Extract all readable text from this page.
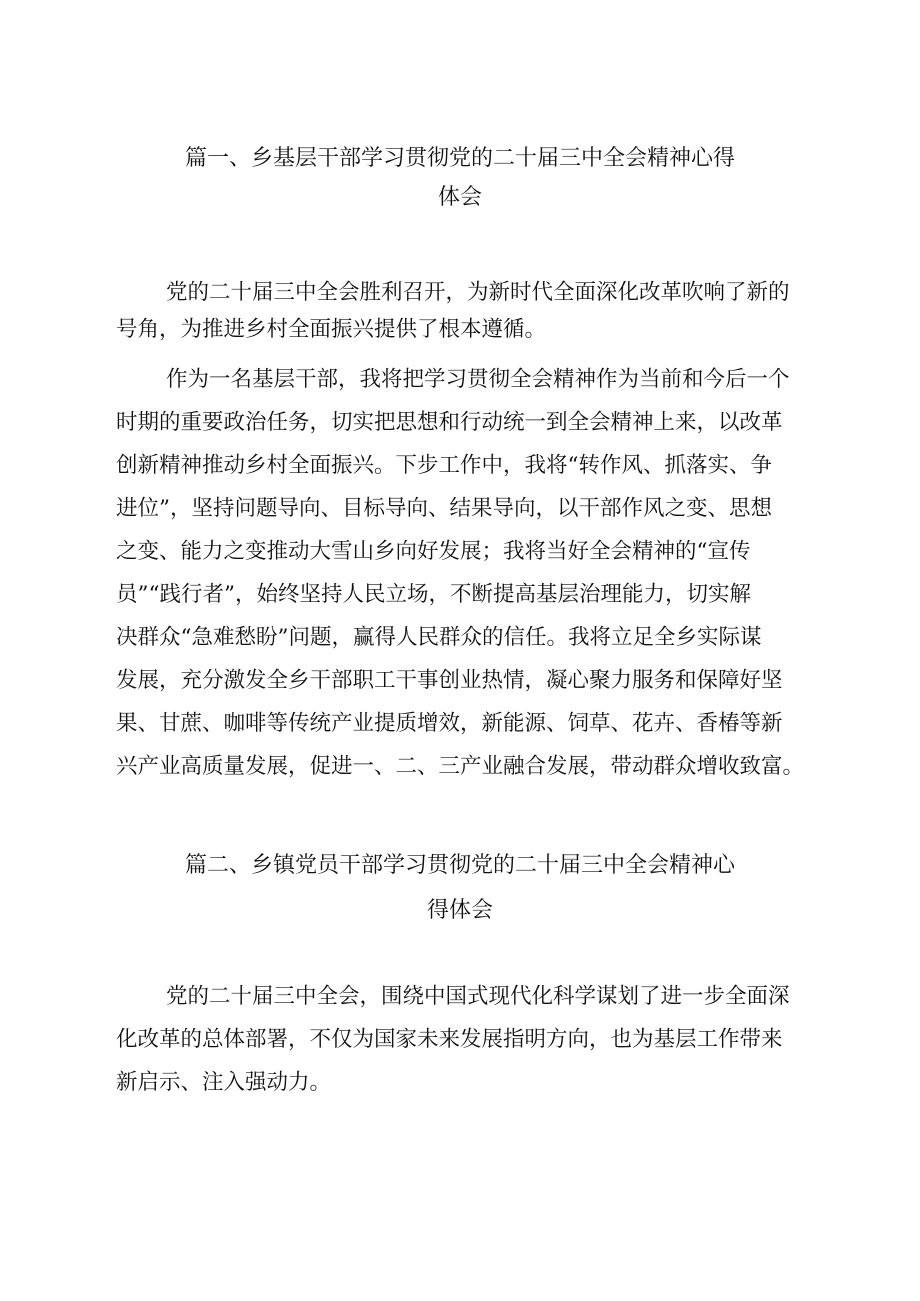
篇一、乡基层干部学习贯彻党的二十届三中全会精神心得
体会
党的二十届三中全会胜利召开，为新时代全面深化改革吹响了新的
号角，为推进乡村全面振兴提供了根本遵循。
作为一名基层干部，我将把学习贯彻全会精神作为当前和今后一个
时期的重要政治任务，切实把思想和行动统一到全会精神上来，以改革
创新精神推动乡村全面振兴。下步工作中，我将“转作风、抓落实、争
进位”，坚持问题导向、目标导向、结果导向，以干部作风之变、思想
之变、能力之变推动大雪山乡向好发展；我将当好全会精神的“宣传
员”“践行者”，始终坚持人民立场，不断提高基层治理能力，切实解
决群众“急难愁盼”问题，赢得人民群众的信任。我将立足全乡实际谋
发展，充分激发全乡干部职工干事创业热情，凝心聚力服务和保障好坚
果、甘蔗、咖啡等传统产业提质增效，新能源、饲草、花卉、香椿等新
兴产业高质量发展，促进一、二、三产业融合发展，带动群众增收致富。
篇二、乡镇党员干部学习贯彻党的二十届三中全会精神心
得体会
党的二十届三中全会，围绕中国式现代化科学谋划了进一步全面深
化改革的总体部署，不仅为国家未来发展指明方向，也为基层工作带来
新启示、注入强动力。
